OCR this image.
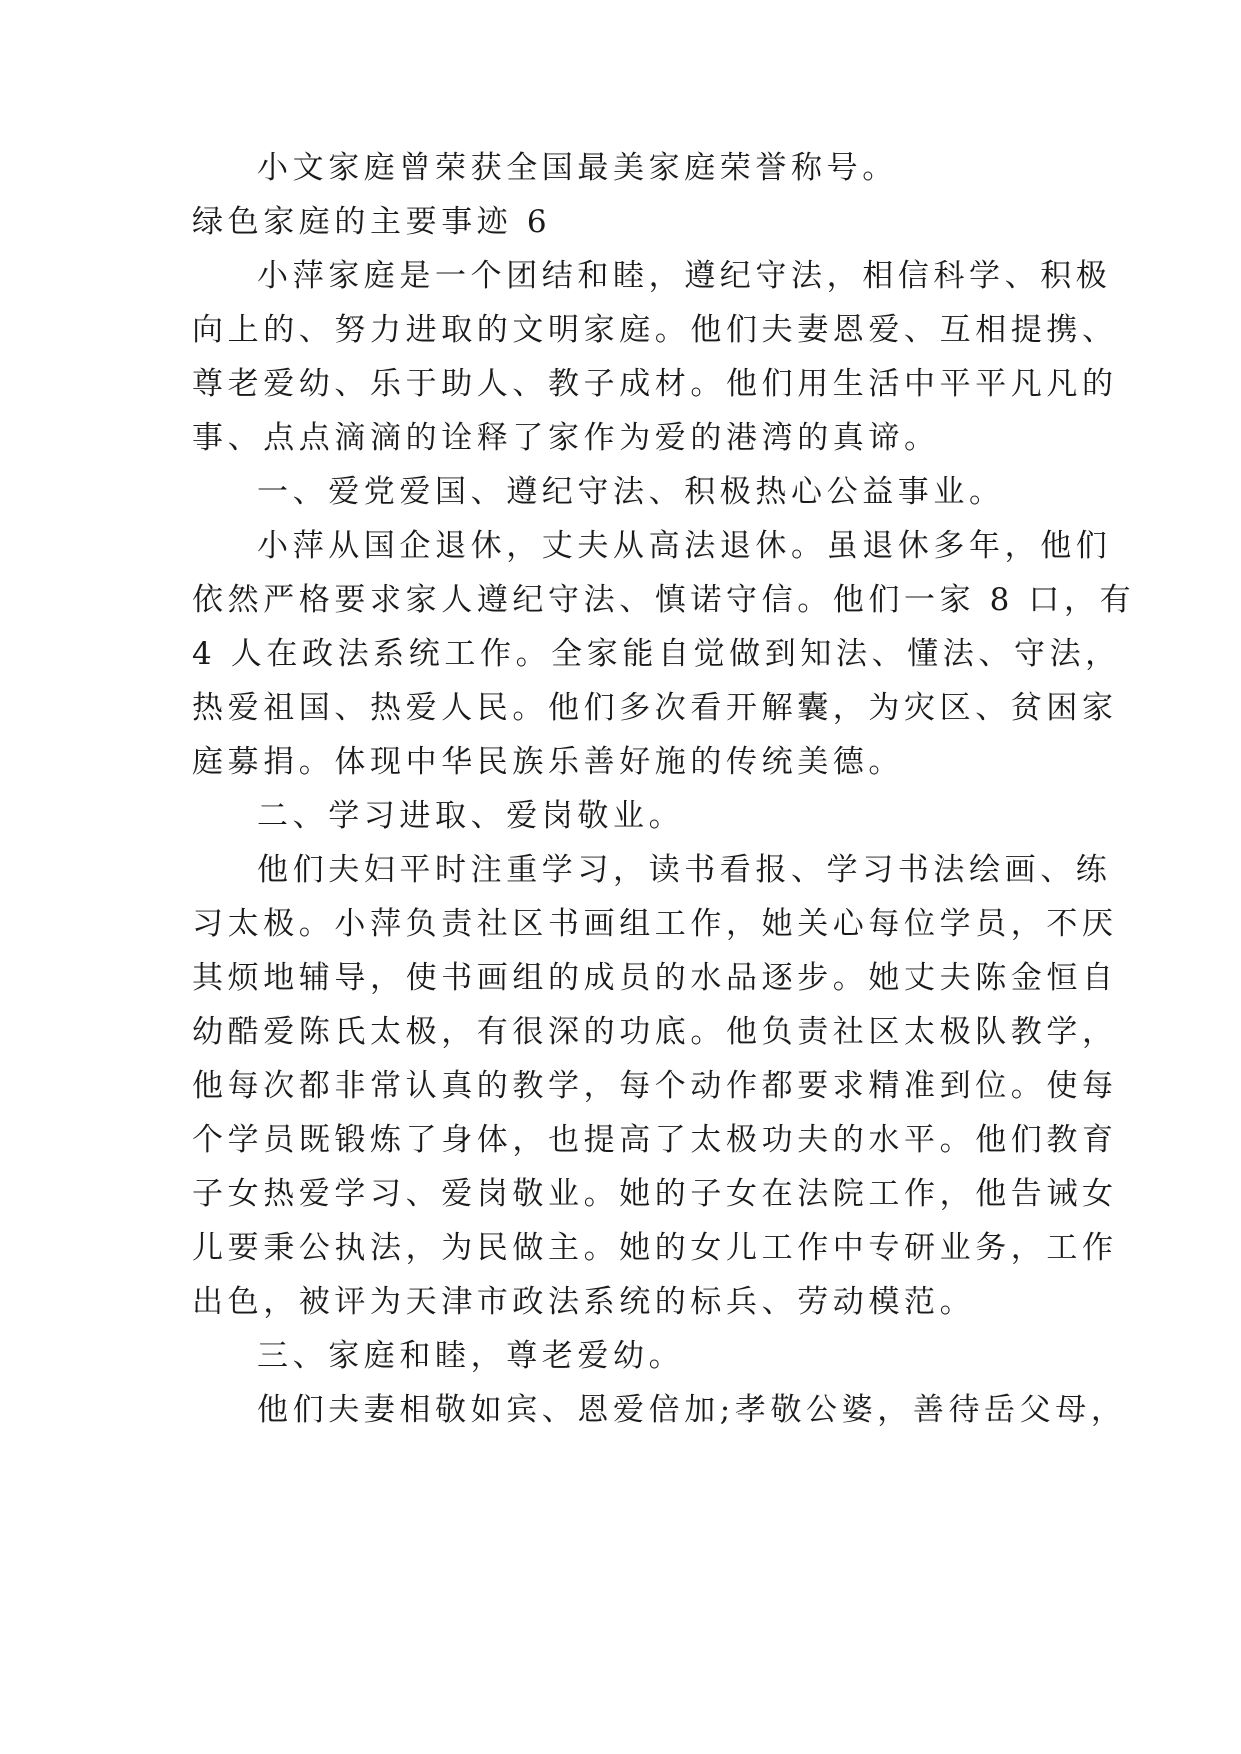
小文家庭曾荣获全国最美家庭荣誉称号。
绿色家庭的主要事迹 6
小萍家庭是一个团结和睦，遵纪守法，相信科学、积极
向上的、努力进取的文明家庭。他们夫妻恩爱、互相提携、
尊老爱幼、乐于助人、教子成材。他们用生活中平平凡凡的
事、点点滴滴的诠释了家作为爱的港湾的真谛。
一、爱党爱国、遵纪守法、积极热心公益事业。
小萍从国企退休，丈夫从高法退休。虽退休多年，他们
依然严格要求家人遵纪守法、慎诺守信。他们一家 8 口，有
4 人在政法系统工作。全家能自觉做到知法、懂法、守法，
热爱祖国、热爱人民。他们多次看开解囊，为灾区、贫困家
庭募捐。体现中华民族乐善好施的传统美德。
二、学习进取、爱岗敬业。
他们夫妇平时注重学习，读书看报、学习书法绘画、练
习太极。小萍负责社区书画组工作，她关心每位学员，不厌
其烦地辅导，使书画组的成员的水品逐步。她丈夫陈金恒自
幼酷爱陈氏太极，有很深的功底。他负责社区太极队教学，
他每次都非常认真的教学，每个动作都要求精准到位。使每
个学员既锻炼了身体，也提高了太极功夫的水平。他们教育
子女热爱学习、爱岗敬业。她的子女在法院工作，他告诫女
儿要秉公执法，为民做主。她的女儿工作中专研业务，工作
出色，被评为天津市政法系统的标兵、劳动模范。
三、家庭和睦，尊老爱幼。
他们夫妻相敬如宾、恩爱倍加;孝敬公婆，善待岳父母，
